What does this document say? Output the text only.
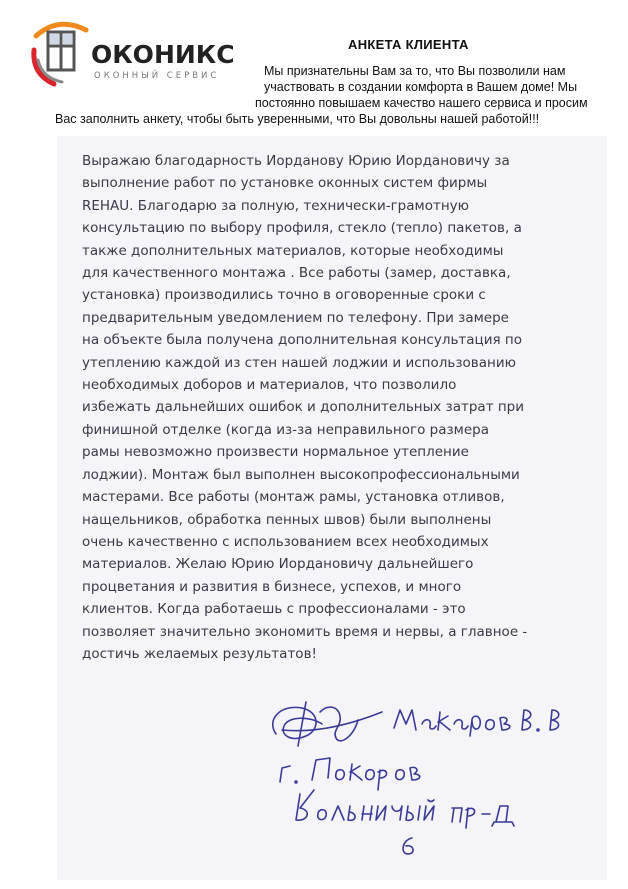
ОКОНИКС
ОКОННЫЙ СЕРВИС
АНКЕТА КЛИЕНТА
Мы признательны Вам за то, что Вы позволили нам
участвовать в создании комфорта в Вашем доме! Мы
постоянно повышаем качество нашего сервиса и просим
Вас заполнить анкету, чтобы быть уверенными, что Вы довольны нашей работой!!!
Выражаю благодарность Иорданову Юрию Иордановичу за
выполнение работ по установке оконных систем фирмы
REHAU. Благодарю за полную, технически-грамотную
консультацию по выбору профиля, стекло (тепло) пакетов, а
также дополнительных материалов, которые необходимы
для качественного монтажа . Все работы (замер, доставка,
установка) производились точно в оговоренные сроки с
предварительным уведомлением по телефону. При замере
на объекте была получена дополнительная консультация по
утеплению каждой из стен нашей лоджии и использованию
необходимых доборов и материалов, что позволило
избежать дальнейших ошибок и дополнительных затрат при
финишной отделке (когда из-за неправильного размера
рамы невозможно произвести нормальное утепление
лоджии). Монтаж был выполнен высокопрофессиональными
мастерами. Все работы (монтаж рамы, установка отливов,
нащельников, обработка пенных швов) были выполнены
очень качественно с использованием всех необходимых
материалов. Желаю Юрию Иордановичу дальнейшего
процветания и развития в бизнесе, успехов, и много
клиентов. Когда работаешь с профессионалами - это
позволяет значительно экономить время и нервы, а главное -
достичь желаемых результатов!
